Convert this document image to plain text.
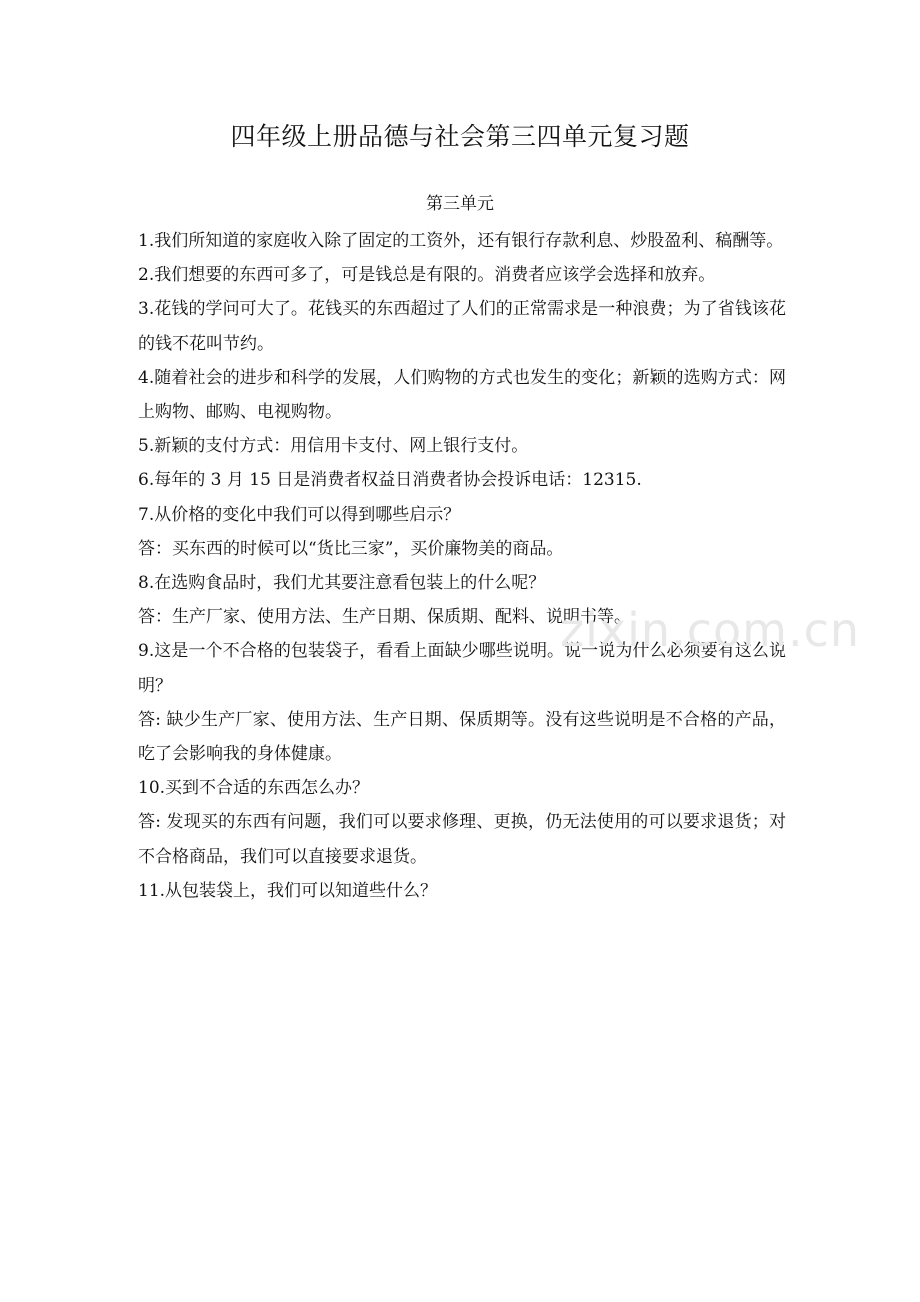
四年级上册品德与社会第三四单元复习题
第三单元

1.我们所知道的家庭收入除了固定的工资外，还有银行存款利息、炒股盈利、稿酬等。

2.我们想要的东西可多了，可是钱总是有限的。消费者应该学会选择和放弃。

3.花钱的学问可大了。花钱买的东西超过了人们的正常需求是一种浪费；为了省钱该花的钱不花叫节约。

4.随着社会的进步和科学的发展，人们购物的方式也发生的变化；新颖的选购方式：网上购物、邮购、电视购物。

5.新颖的支付方式：用信用卡支付、网上银行支付。

6.每年的 3 月 15 日是消费者权益日消费者协会投诉电话：12315.

7.从价格的变化中我们可以得到哪些启示？

答：买东西的时候可以“货比三家”，买价廉物美的商品。

8.在选购食品时，我们尤其要注意看包装上的什么呢？

答：生产厂家、使用方法、生产日期、保质期、配料、说明书等。

9.这是一个不合格的包装袋子，看看上面缺少哪些说明。说一说为什么必须要有这么说明？

答: 缺少生产厂家、使用方法、生产日期、保质期等。没有这些说明是不合格的产品，吃了会影响我的身体健康。

10.买到不合适的东西怎么办？

答: 发现买的东西有问题，我们可以要求修理、更换，仍无法使用的可以要求退货；对不合格商品，我们可以直接要求退货。

11.从包装袋上，我们可以知道些什么？

zixin.com.cn
